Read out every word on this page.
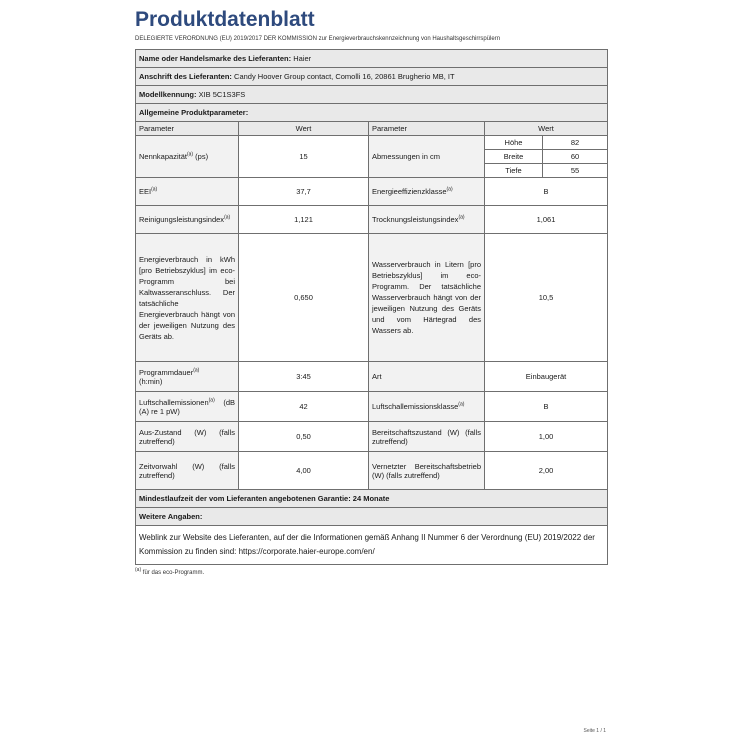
Produktdatenblatt
DELEGIERTE VERORDNUNG (EU) 2019/2017 DER KOMMISSION zur Energieverbrauchskennzeichnung von Haushaltsgeschirrspülern
Name oder Handelsmarke des Lieferanten: Haier				
Anschrift des Lieferanten: Candy Hoover Group contact, Comolli 16, 20861 Brugherio MB, IT				
Modellkennung: XIB 5C1S3FS				
Allgemeine Produktparameter:				
Parameter	Wert	Parameter	Wert	
Nennkapazität$^{(a)}$ (ps)	15	Abmessungen in cm	Höhe	82
			Breite	60
			Tiefe	55
EEI$^{(a)}$	37,7	Energieeffizienzklasse$^{(a)}$	B	
Reinigungsleistungsindex$^{(a)}$	1,121	Trocknungsleistungsindex$^{(a)}$	1,061	
Energieverbrauch in kWh [pro Betriebszyklus] im eco-Programm bei Kaltwasseranschluss. Der tatsächliche Energieverbrauch hängt von der jeweiligen Nutzung des Geräts ab.	0,650	Wasserverbrauch in Litern [pro Betriebszyklus] im eco-Programm. Der tatsächliche Wasserverbrauch hängt von der jeweiligen Nutzung des Geräts und vom Härtegrad des Wassers ab.	10,5	
Programmdauer$^{(a)}$
(h:min)	3:45	Art	Einbaugerät	
Luftschallemissionen$^{(a)}$ (dB (A) re 1 pW)	42	Luftschallemissionsklasse$^{(a)}$	B	
Aus-Zustand (W) (falls zutreffend)	0,50	Bereitschaftszustand (W) (falls zutreffend)	1,00	
Zeitvorwahl (W) (falls zutreffend)	4,00	Vernetzter Bereitschaftsbetrieb (W) (falls zutreffend)	2,00	
Mindestlaufzeit der vom Lieferanten angebotenen Garantie: 24 Monate				
Weitere Angaben:				
Weblink zur Website des Lieferanten, auf der die Informationen gemäß Anhang II Nummer 6 der Verordnung (EU) 2019/2022 der Kommission zu finden sind: https://corporate.haier-europe.com/en/				
$^{(a)}$ für das eco-Programm.
Seite 1 / 1
